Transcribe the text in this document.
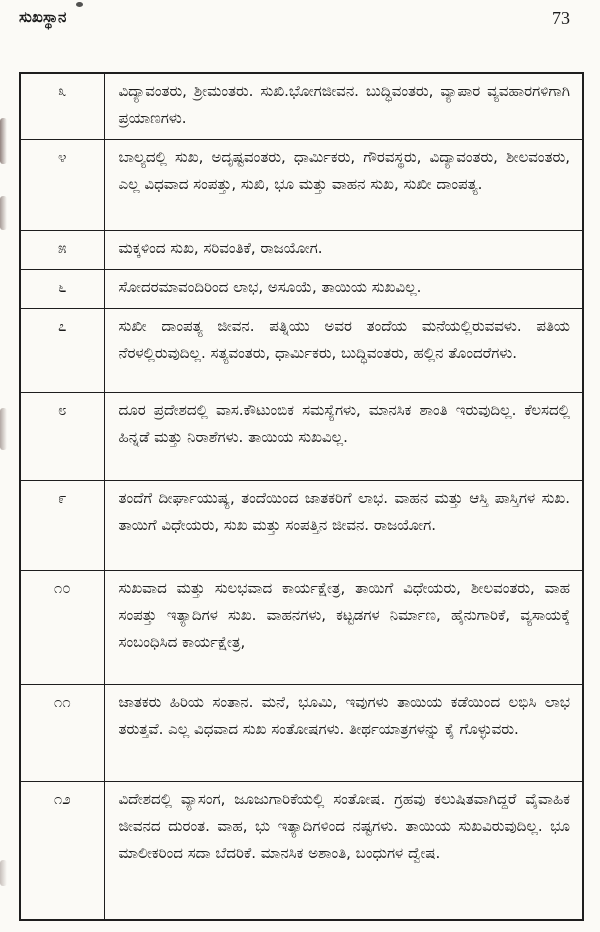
ಸುಖಸ್ಥಾನ	73
೩	ವಿದ್ಯಾವಂತರು, ಶ್ರೀಮಂತರು. ಸುಖಿ.ಭೋಗಜೀವನ. ಬುದ್ಧಿವಂತರು, ವ್ಯಾಪಾರ ವ್ಯವಹಾರಗಳಿಗಾಗಿ ಪ್ರಯಾಣಗಳು.
೪	ಬಾಲ್ಯದಲ್ಲಿ ಸುಖ, ಅದೃಷ್ಟವಂತರು, ಧಾರ್ಮಿಕರು, ಗೌರವಸ್ಥರು, ವಿದ್ಯಾವಂತರು, ಶೀಲವಂತರು, ಎಲ್ಲ ವಿಧವಾದ ಸಂಪತ್ತು, ಸುಖಿ, ಭೂ ಮತ್ತು ವಾಹನ ಸುಖ, ಸುಖೀ ದಾಂಪತ್ಯ.
೫	ಮಕ್ಕಳಿಂದ ಸುಖ, ಸರಿವಂತಿಕೆ, ರಾಜಯೋಗ.
೬	ಸೋದರಮಾವಂದಿರಿಂದ ಲಾಭ, ಅಸೂಯೆ, ತಾಯಿಯ ಸುಖವಿಲ್ಲ.
೭	ಸುಖೀ ದಾಂಪತ್ಯ ಜೀವನ. ಪತ್ನಿಯು ಅವರ ತಂದೆಯ ಮನೆಯಲ್ಲಿರುವವಳು. ಪತಿಯ ನೆರಳಲ್ಲಿರುವುದಿಲ್ಲ. ಸತ್ಯವಂತರು, ಧಾರ್ಮಿಕರು, ಬುದ್ಧಿವಂತರು, ಹಲ್ಲಿನ ತೊಂದರೆಗಳು.
೮	ದೂರ ಪ್ರದೇಶದಲ್ಲಿ ವಾಸ.ಕೌಟುಂಬಿಕ ಸಮಸ್ಯೆಗಳು, ಮಾನಸಿಕ ಶಾಂತಿ ಇರುವುದಿಲ್ಲ. ಕೆಲಸದಲ್ಲಿ ಹಿನ್ನಡೆ ಮತ್ತು ನಿರಾಶೆಗಳು. ತಾಯಿಯ ಸುಖವಿಲ್ಲ.
೯	ತಂದೆಗೆ ದೀರ್ಘಾಯುಷ್ಯ, ತಂದೆಯಿಂದ ಜಾತಕರಿಗೆ ಲಾಭ. ವಾಹನ ಮತ್ತು ಆಸ್ತಿ ಪಾಸ್ತಿಗಳ ಸುಖ. ತಾಯಿಗೆ ವಿಧೇಯರು, ಸುಖ ಮತ್ತು ಸಂಪತ್ತಿನ ಜೀವನ. ರಾಜಯೋಗ.
೧೦	ಸುಖವಾದ ಮತ್ತು ಸುಲಭವಾದ ಕಾರ್ಯಕ್ಷೇತ್ರ, ತಾಯಿಗೆ ವಿಧೇಯರು, ಶೀಲವಂತರು, ವಾಹ ಸಂಪತ್ತು ಇತ್ಯಾದಿಗಳ ಸುಖ. ವಾಹನಗಳು, ಕಟ್ಟಡಗಳ ನಿರ್ಮಾಣ, ಹೈನುಗಾರಿಕೆ, ವ್ಯಸಾಯಕ್ಕೆ ಸಂಬಂಧಿಸಿದ ಕಾರ್ಯಕ್ಷೇತ್ರ,
೧೧	ಜಾತಕರು ಹಿರಿಯ ಸಂತಾನ. ಮನೆ, ಭೂಮಿ, ಇವುಗಳು ತಾಯಿಯ ಕಡೆಯಿಂದ ಲಭಿಸಿ ಲಾಭ ತರುತ್ತವೆ. ಎಲ್ಲ ವಿಧವಾದ ಸುಖ ಸಂತೋಷಗಳು. ತೀರ್ಥಯಾತ್ರಗಳನ್ನು ಕೈ ಗೊಳ್ಳುವರು.
೧೨	ವಿದೇಶದಲ್ಲಿ ವ್ಯಾಸಂಗ, ಜೂಜುಗಾರಿಕೆಯಲ್ಲಿ ಸಂತೋಷ. ಗ್ರಹವು ಕಲುಷಿತವಾಗಿದ್ದರೆ ವೈವಾಹಿಕ ಜೀವನದ ದುರಂತ. ವಾಹ, ಭು ಇತ್ಯಾದಿಗಳಿಂದ ನಷ್ಟಗಳು. ತಾಯಿಯ ಸುಖವಿರುವುದಿಲ್ಲ. ಭೂ ಮಾಲೀಕರಿಂದ ಸದಾ ಬೆದರಿಕೆ. ಮಾನಸಿಕ ಅಶಾಂತಿ, ಬಂಧುಗಳ ದ್ವೇಷ.
